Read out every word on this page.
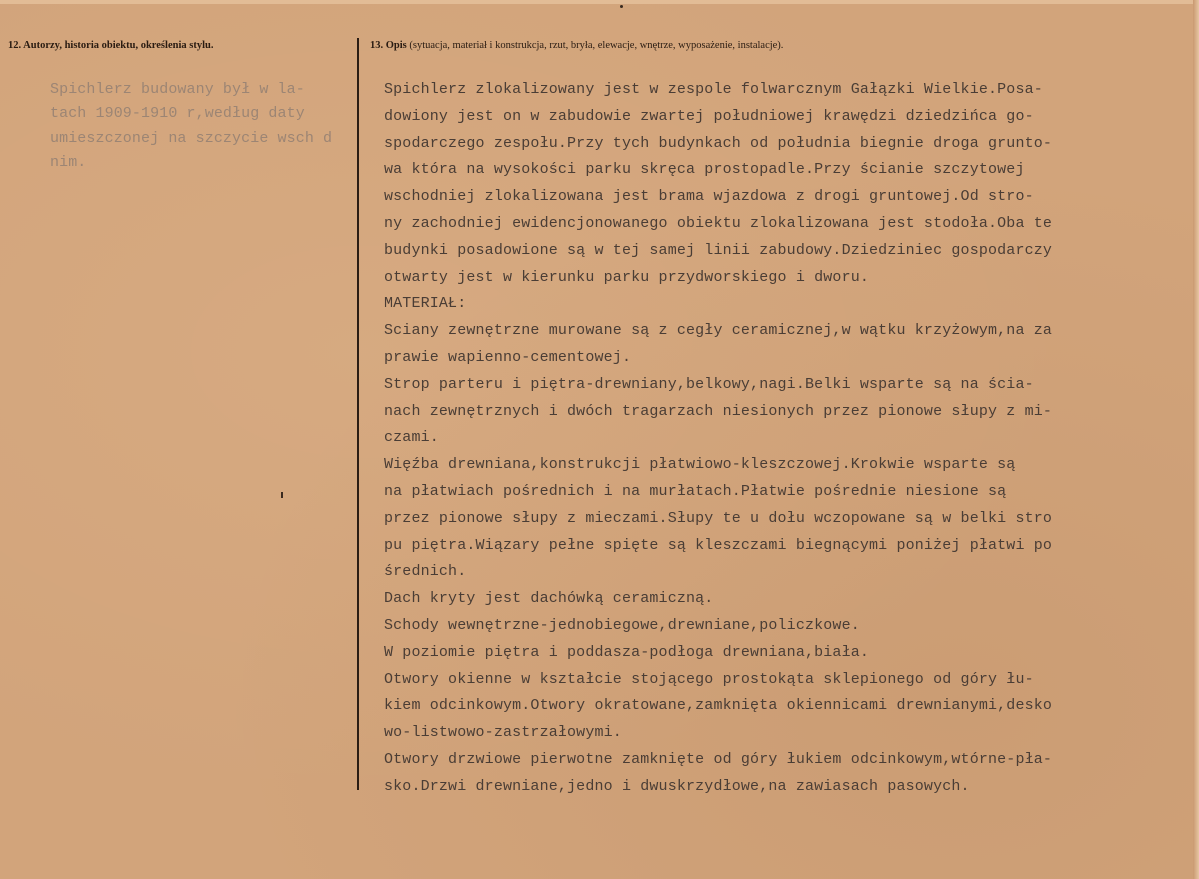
12. Autorzy, historia obiektu, określenia stylu.	13. Opis (sytuacja, materiał i konstrukcja, rzut, bryła, elewacje, wnętrze, wyposażenie, instalacje).
Spichlerz budowany był w la-
tach 1909-1910 r,według daty
umieszczonej na szczycie wsch d
nim.
Spichlerz zlokalizowany jest w zespole folwarcznym Gałązki Wielkie.Posa-
dowiony jest on w zabudowie zwartej południowej krawędzi dziedzińca go-
spodarczego zespołu.Przy tych budynkach od południa biegnie droga grunto-
wa która na wysokości parku skręca prostopadle.Przy ścianie szczytowej
wschodniej zlokalizowana jest brama wjazdowa z drogi gruntowej.Od stro-
ny zachodniej ewidencjonowanego obiektu zlokalizowana jest stodoła.Oba te
budynki posadowione są w tej samej linii zabudowy.Dziedziniec gospodarczy
otwarty jest w kierunku parku przydworskiego i dworu.
MATERIAŁ:
Sciany zewnętrzne murowane są z cegły ceramicznej,w wątku krzyżowym,na za
prawie wapienno-cementowej.
Strop parteru i piętra-drewniany,belkowy,nagi.Belki wsparte są na ścia-
nach zewnętrznych i dwóch tragarzach niesionych przez pionowe słupy z mi-
czami.
Więźba drewniana,konstrukcji płatwiowo-kleszczowej.Krokwie wsparte są
na płatwiach pośrednich i na murłatach.Płatwie pośrednie niesione są
przez pionowe słupy z mieczami.Słupy te u dołu wczopowane są w belki stro
pu piętra.Wiązary pełne spięte są kleszczami biegnącymi poniżej płatwi po
średnich.
Dach kryty jest dachówką ceramiczną.
Schody wewnętrzne-jednobiegowe,drewniane,policzkowe.
W poziomie piętra i poddasza-podłoga drewniana,biała.
Otwory okienne w kształcie stojącego prostokąta sklepionego od góry łu-
kiem odcinkowym.Otwory okratowane,zamknięta okiennicami drewnianymi,desko
wo-listwowo-zastrzałowymi.
Otwory drzwiowe pierwotne zamknięte od góry łukiem odcinkowym,wtórne-pła-
sko.Drzwi drewniane,jedno i dwuskrzydłowe,na zawiasach pasowych.
